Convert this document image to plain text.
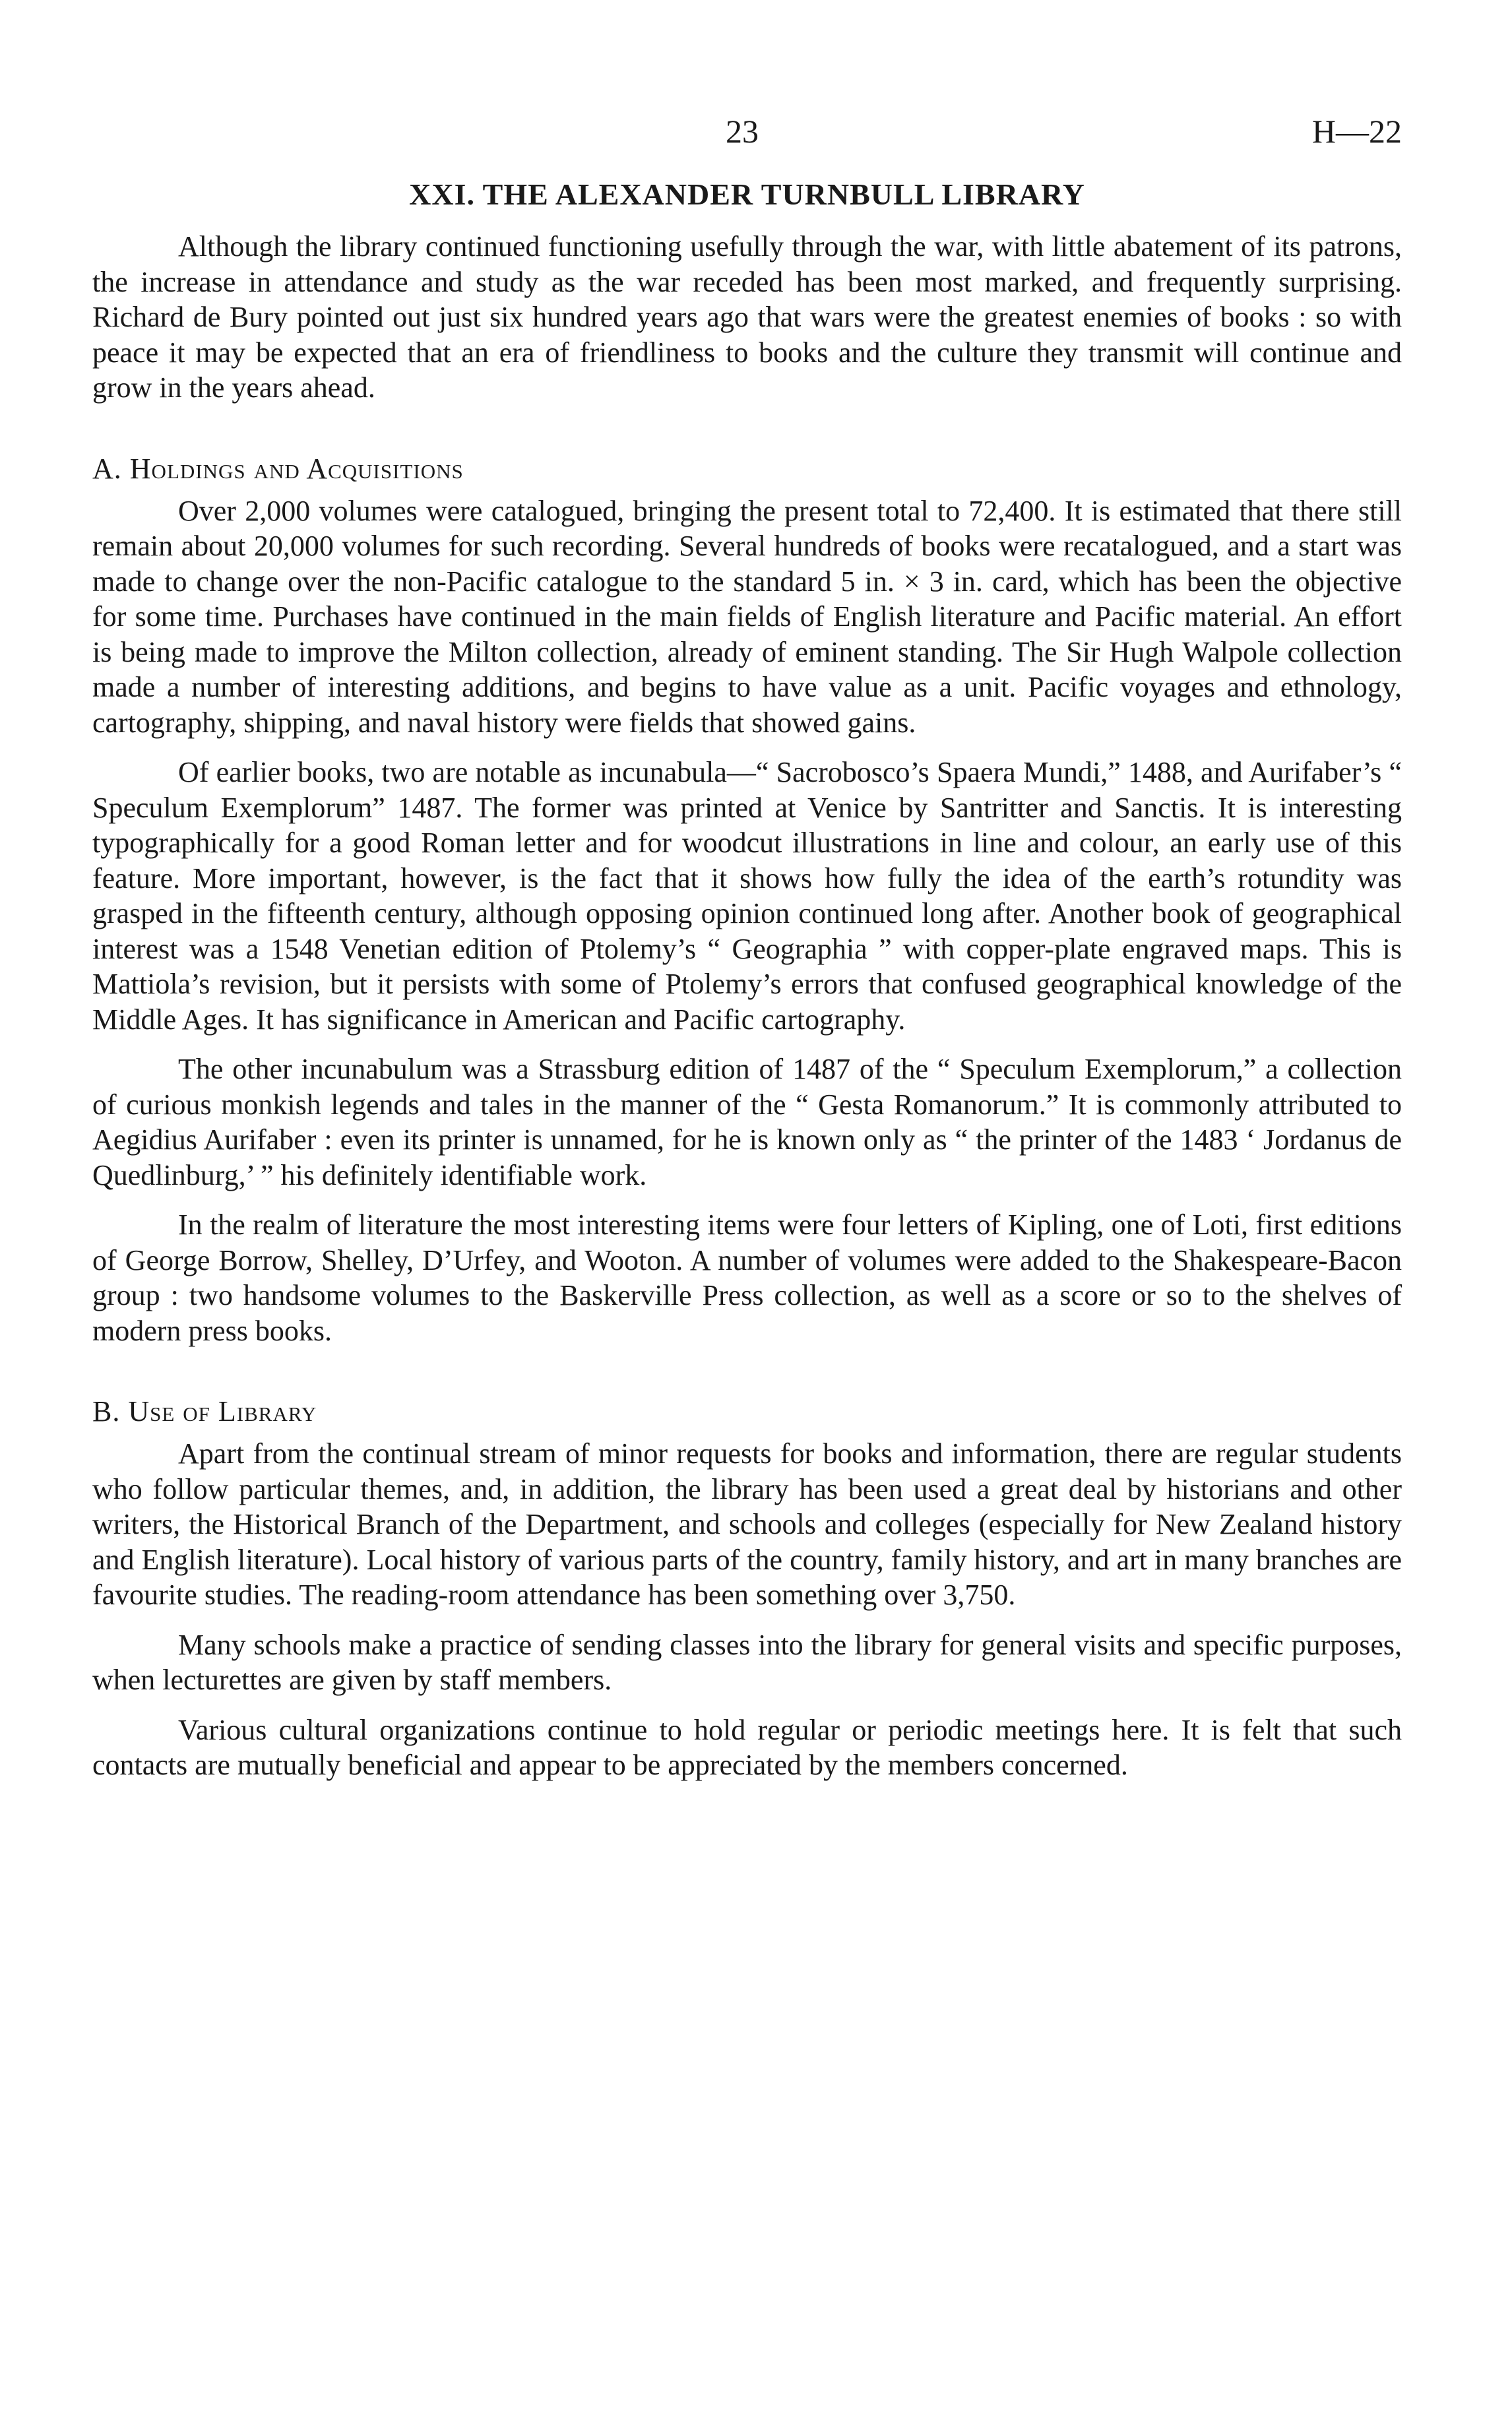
23	H—22
XXI. THE ALEXANDER TURNBULL LIBRARY

Although the library continued functioning usefully through the war, with little abatement of its patrons, the increase in attendance and study as the war receded has been most marked, and frequently surprising. Richard de Bury pointed out just six hundred years ago that wars were the greatest enemies of books : so with peace it may be expected that an era of friendliness to books and the culture they transmit will continue and grow in the years ahead.

A. Holdings and Acquisitions

Over 2,000 volumes were catalogued, bringing the present total to 72,400. It is estimated that there still remain about 20,000 volumes for such recording. Several hundreds of books were recatalogued, and a start was made to change over the non-Pacific catalogue to the standard 5 in. × 3 in. card, which has been the objective for some time. Purchases have continued in the main fields of English literature and Pacific material. An effort is being made to improve the Milton collection, already of eminent standing. The Sir Hugh Walpole collection made a number of interesting additions, and begins to have value as a unit. Pacific voyages and ethnology, cartography, shipping, and naval history were fields that showed gains.

Of earlier books, two are notable as incunabula—“ Sacrobosco’s Spaera Mundi,” 1488, and Aurifaber’s “ Speculum Exemplorum” 1487. The former was printed at Venice by Santritter and Sanctis. It is interesting typographically for a good Roman letter and for woodcut illustrations in line and colour, an early use of this feature. More important, however, is the fact that it shows how fully the idea of the earth’s rotundity was grasped in the fifteenth century, although opposing opinion continued long after. Another book of geographical interest was a 1548 Venetian edition of Ptolemy’s “ Geographia ” with copper-plate engraved maps. This is Mattiola’s revision, but it persists with some of Ptolemy’s errors that confused geographical knowledge of the Middle Ages. It has significance in American and Pacific cartography.

The other incunabulum was a Strassburg edition of 1487 of the “ Speculum Exemplorum,” a collection of curious monkish legends and tales in the manner of the “ Gesta Romanorum.” It is commonly attributed to Aegidius Aurifaber : even its printer is unnamed, for he is known only as “ the printer of the 1483 ‘ Jordanus de Quedlinburg,’ ” his definitely identifiable work.

In the realm of literature the most interesting items were four letters of Kipling, one of Loti, first editions of George Borrow, Shelley, D’Urfey, and Wooton. A number of volumes were added to the Shakespeare-Bacon group : two handsome volumes to the Baskerville Press collection, as well as a score or so to the shelves of modern press books.

B. Use of Library

Apart from the continual stream of minor requests for books and information, there are regular students who follow particular themes, and, in addition, the library has been used a great deal by historians and other writers, the Historical Branch of the Department, and schools and colleges (especially for New Zealand history and English literature). Local history of various parts of the country, family history, and art in many branches are favourite studies. The reading-room attendance has been something over 3,750.

Many schools make a practice of sending classes into the library for general visits and specific purposes, when lecturettes are given by staff members.

Various cultural organizations continue to hold regular or periodic meetings here. It is felt that such contacts are mutually beneficial and appear to be appreciated by the members concerned.
